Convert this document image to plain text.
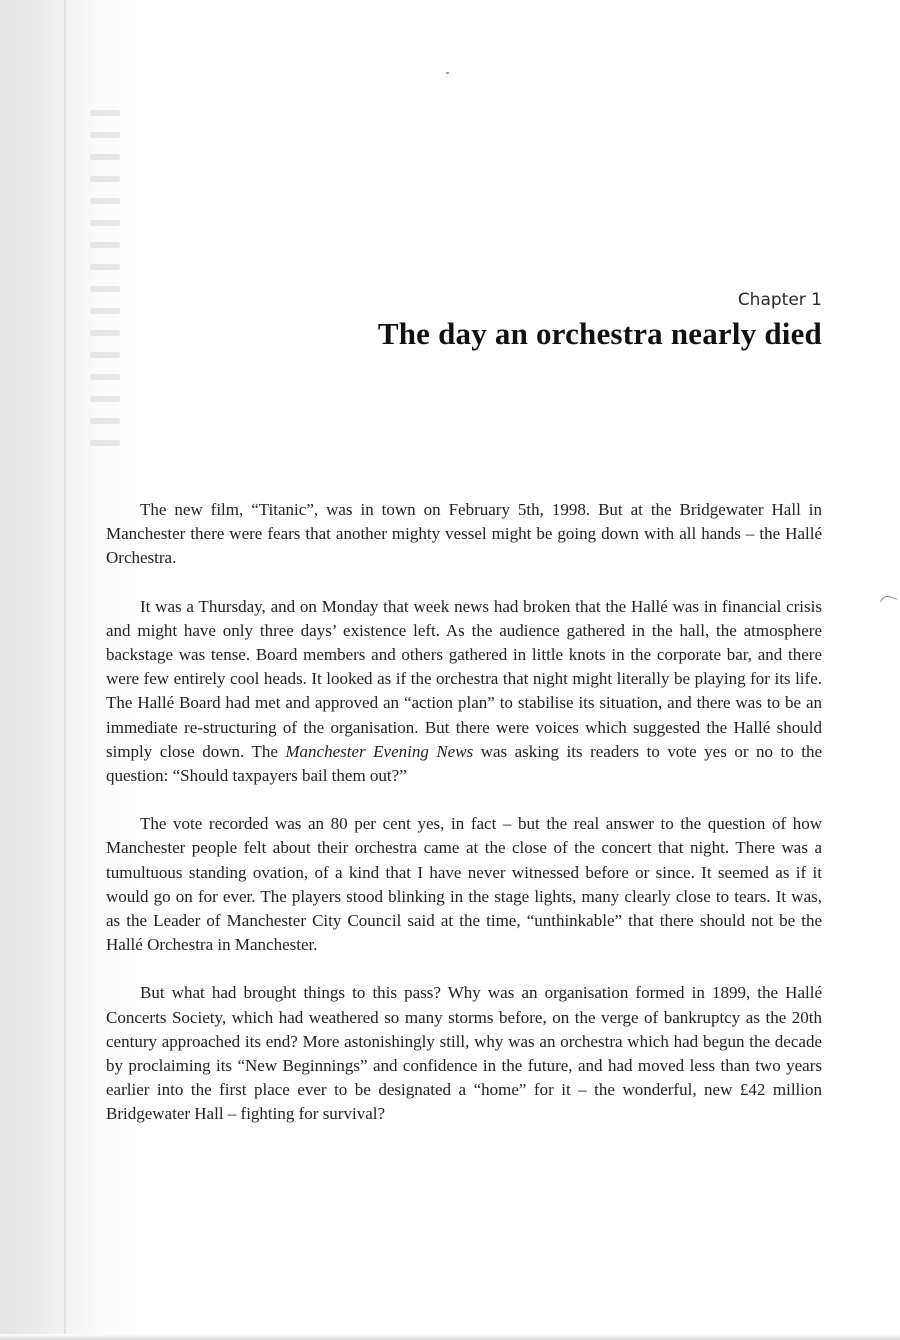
Chapter 1

The day an orchestra nearly died

The new film, “Titanic”, was in town on February 5th, 1998. But at the Bridgewater Hall in Manchester there were fears that another mighty vessel might be going down with all hands – the Hallé Orchestra.

It was a Thursday, and on Monday that week news had broken that the Hallé was in financial crisis and might have only three days’ existence left. As the audience gathered in the hall, the atmosphere backstage was tense. Board members and others gathered in little knots in the corporate bar, and there were few entirely cool heads. It looked as if the orchestra that night might literally be playing for its life. The Hallé Board had met and approved an “action plan” to stabilise its situation, and there was to be an immediate re-structuring of the organisation. But there were voices which suggested the Hallé should simply close down. The Manchester Evening News was asking its readers to vote yes or no to the question: “Should taxpayers bail them out?”

The vote recorded was an 80 per cent yes, in fact – but the real answer to the question of how Manchester people felt about their orchestra came at the close of the concert that night. There was a tumultuous standing ovation, of a kind that I have never witnessed before or since. It seemed as if it would go on for ever. The players stood blinking in the stage lights, many clearly close to tears. It was, as the Leader of Manchester City Council said at the time, “unthinkable” that there should not be the Hallé Orchestra in Manchester.

But what had brought things to this pass? Why was an organisation formed in 1899, the Hallé Concerts Society, which had weathered so many storms before, on the verge of bankruptcy as the 20th century approached its end? More astonishingly still, why was an orchestra which had begun the decade by proclaiming its “New Beginnings” and confidence in the future, and had moved less than two years earlier into the first place ever to be designated a “home” for it – the wonderful, new £42 million Bridgewater Hall – fighting for survival?
